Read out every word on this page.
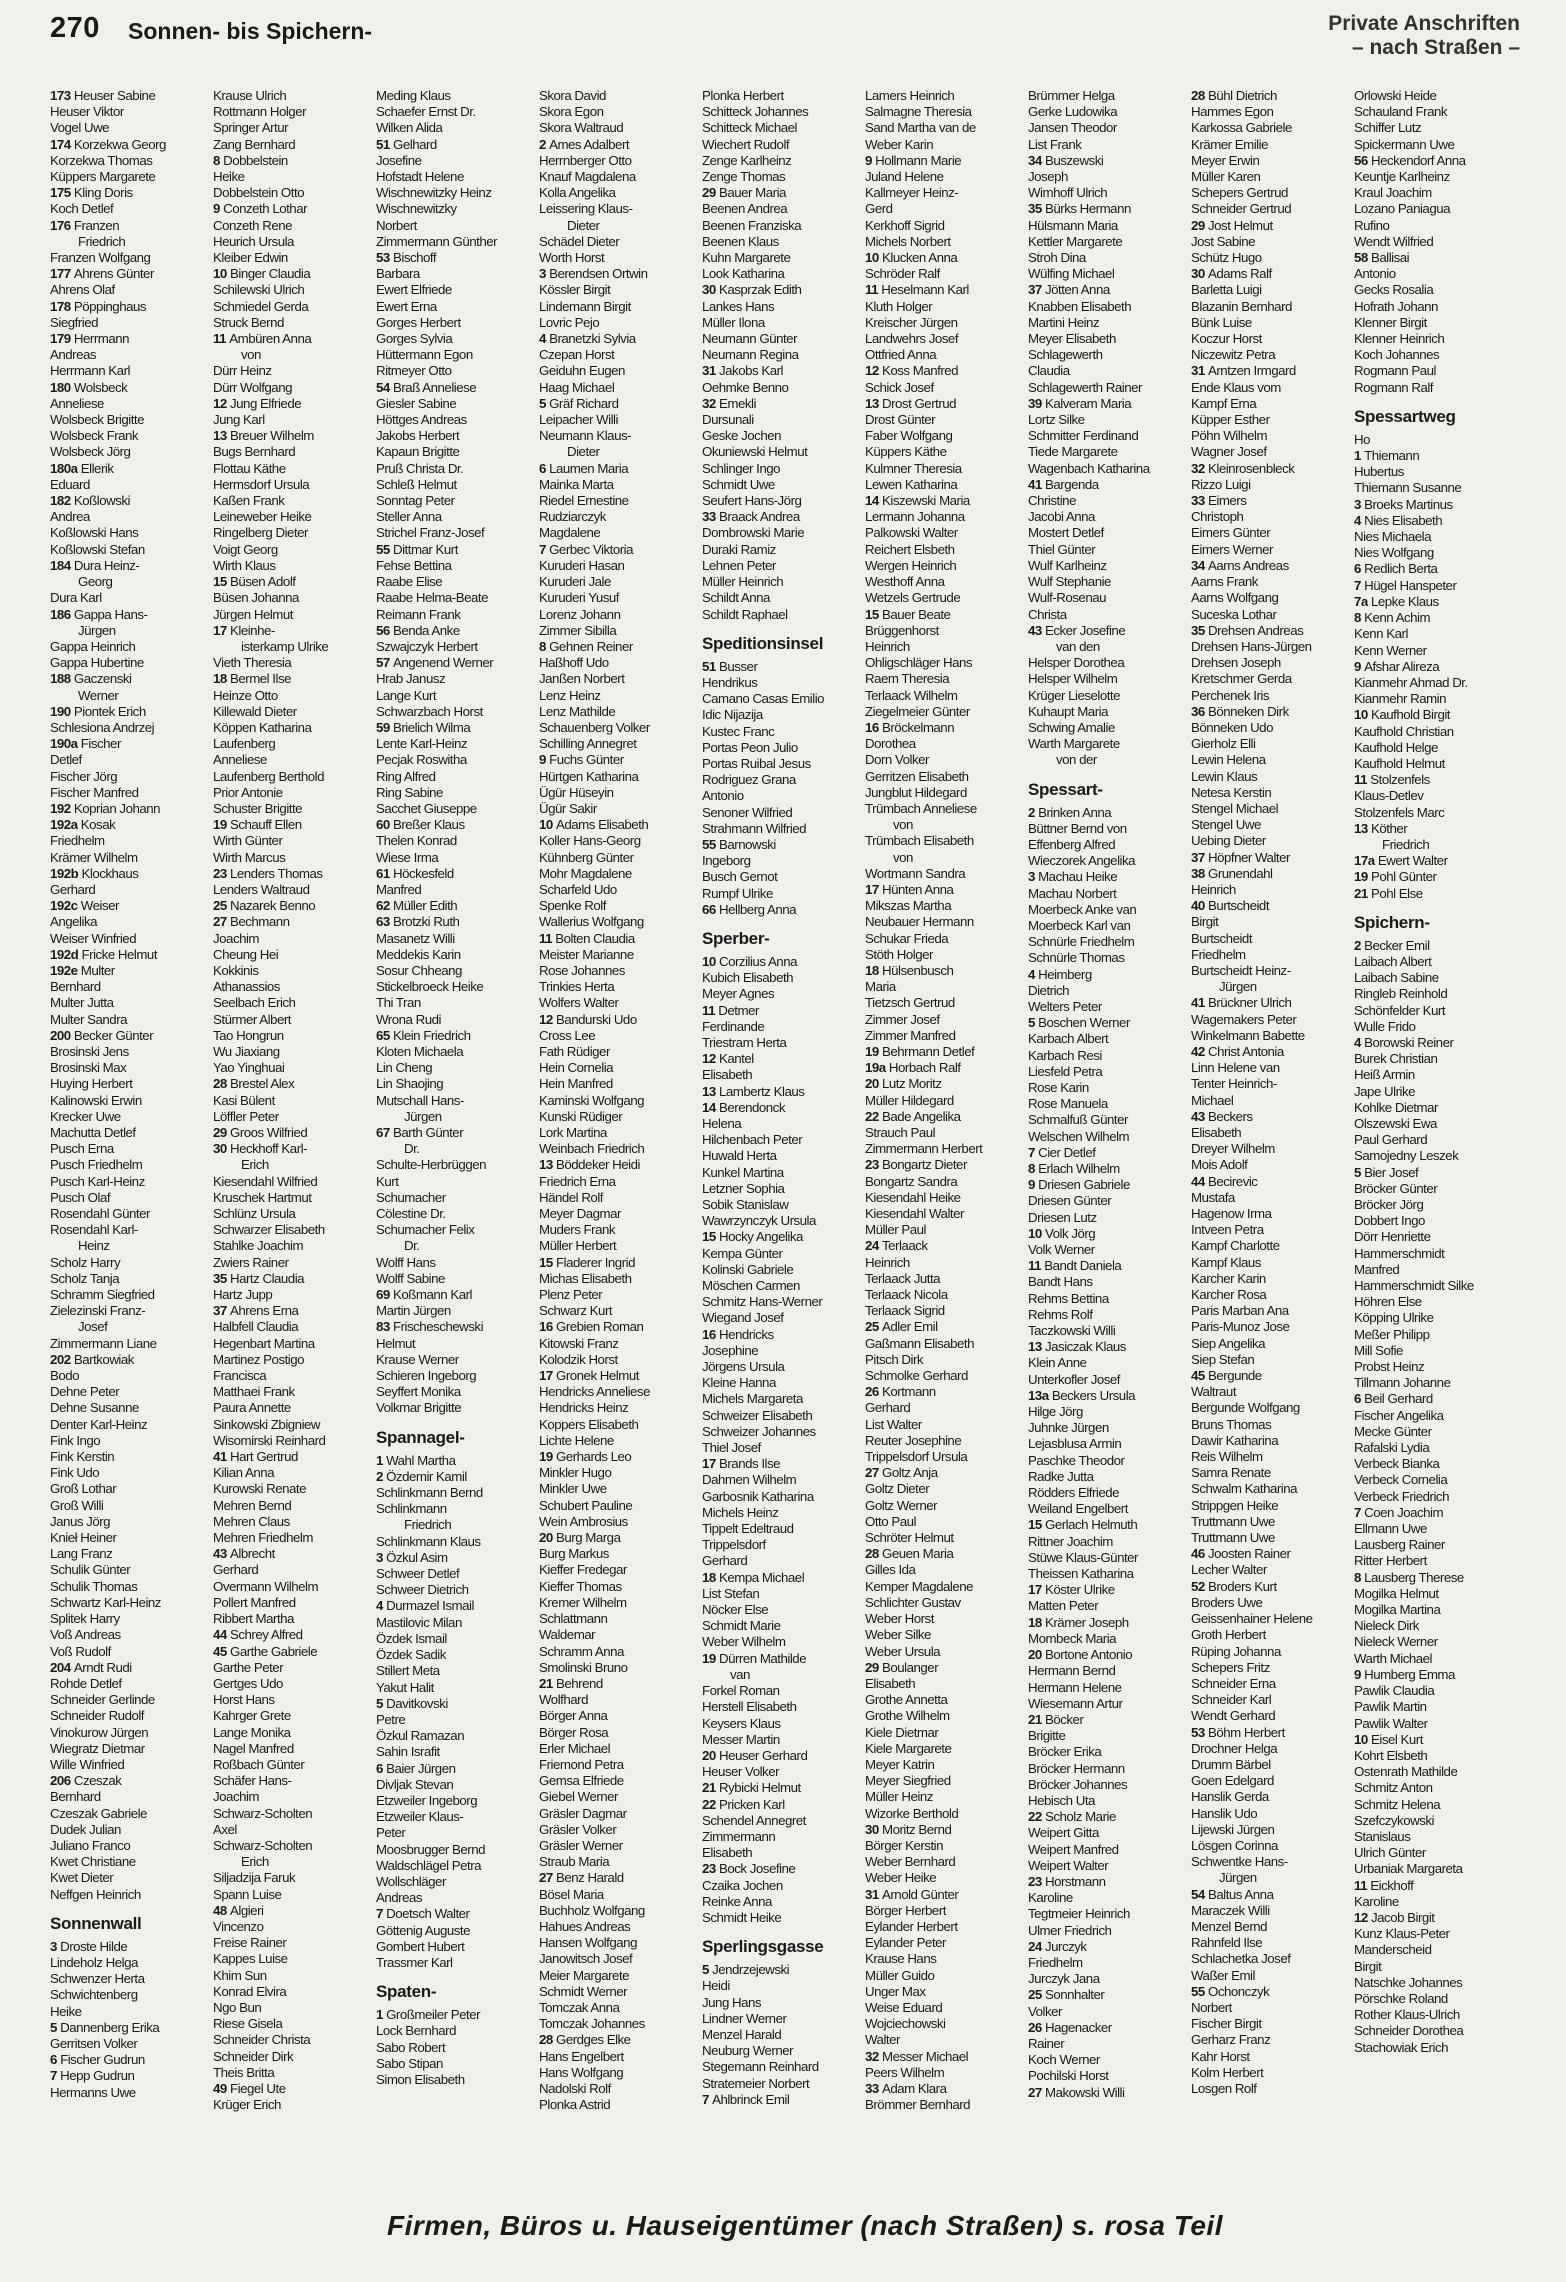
270 Sonnen- bis Spichern-	Private Anschriften
– nach Straßen –
173 Heuser Sabine
Heuser Viktor
Vogel Uwe
174 Korzekwa Georg
Korzekwa Thomas
Küppers Margarete
175 Kling Doris
Koch Detlef
176 Franzen
Friedrich
Franzen Wolfgang
177 Ahrens Günter
Ahrens Olaf
178 Pöppinghaus
Siegfried
179 Herrmann
Andreas
Herrmann Karl
180 Wolsbeck
Anneliese
Wolsbeck Brigitte
Wolsbeck Frank
Wolsbeck Jörg
180a Ellerik
Eduard
182 Koßlowski
Andrea
Koßlowski Hans
Koßlowski Stefan
184 Dura Heinz-
Georg
Dura Karl
186 Gappa Hans-
Jürgen
Gappa Heinrich
Gappa Hubertine
188 Gaczenski
Werner
190 Piontek Erich
Schlesiona Andrzej
190a Fischer
Detlef
Fischer Jörg
Fischer Manfred
192 Koprian Johann
192a Kosak
Friedhelm
Krämer Wilhelm
192b Klockhaus
Gerhard
192c Weiser
Angelika
Weiser Winfried
192d Fricke Helmut
192e Multer
Bernhard
Multer Jutta
Multer Sandra
200 Becker Günter
Brosinski Jens
Brosinski Max
Huying Herbert
Kalinowski Erwin
Krecker Uwe
Machutta Detlef
Pusch Erna
Pusch Friedhelm
Pusch Karl-Heinz
Pusch Olaf
Rosendahl Günter
Rosendahl Karl-
Heinz
Scholz Harry
Scholz Tanja
Schramm Siegfried
Zielezinski Franz-
Josef
Zimmermann Liane
202 Bartkowiak
Bodo
Dehne Peter
Dehne Susanne
Denter Karl-Heinz
Fink Ingo
Fink Kerstin
Fink Udo
Groß Lothar
Groß Willi
Janus Jörg
Knieł Heiner
Lang Franz
Schulik Günter
Schulik Thomas
Schwartz Karl-Heinz
Splitek Harry
Voß Andreas
Voß Rudolf
204 Arndt Rudi
Rohde Detlef
Schneider Gerlinde
Schneider Rudolf
Vinokurow Jürgen
Wiegratz Dietmar
Wille Winfried
206 Czeszak
Bernhard
Czeszak Gabriele
Dudek Julian
Juliano Franco
Kwet Christiane
Kwet Dieter
Neffgen Heinrich
Sonnenwall
3 Droste Hilde
Lindeholz Helga
Schwenzer Herta
Schwichtenberg
Heike
5 Dannenberg Erika
Gerritsen Volker
6 Fischer Gudrun
7 Hepp Gudrun
Hermanns Uwe
Krause Ulrich
Rottmann Holger
Springer Artur
Zang Bernhard
8 Dobbelstein
Heike
Dobbelstein Otto
9 Conzeth Lothar
Conzeth Rene
Heurich Ursula
Kleiber Edwin
10 Binger Claudia
Schilewski Ulrich
Schmiedel Gerda
Struck Bernd
11 Ambüren Anna
von
Dürr Heinz
Dürr Wolfgang
12 Jung Elfriede
Jung Karl
13 Breuer Wilhelm
Bugs Bernhard
Flottau Käthe
Hermsdorf Ursula
Kaßen Frank
Leineweber Heike
Ringelberg Dieter
Voigt Georg
Wirth Klaus
15 Büsen Adolf
Büsen Johanna
Jürgen Helmut
17 Kleinhe-
isterkamp Ulrike
Vieth Theresia
18 Bermel Ilse
Heinze Otto
Killewald Dieter
Köppen Katharina
Laufenberg
Anneliese
Laufenberg Berthold
Prior Antonie
Schuster Brigitte
19 Schauff Ellen
Wirth Günter
Wirth Marcus
23 Lenders Thomas
Lenders Waltraud
25 Nazarek Benno
27 Bechmann
Joachim
Cheung Hei
Kokkinis
Athanassios
Seelbach Erich
Stürmer Albert
Tao Hongrun
Wu Jiaxiang
Yao Yinghuai
28 Brestel Alex
Kasi Bülent
Löffler Peter
29 Groos Wilfried
30 Heckhoff Karl-
Erich
Kiesendahl Wilfried
Kruschek Hartmut
Schlünz Ursula
Schwarzer Elisabeth
Stahlke Joachim
Zwiers Rainer
35 Hartz Claudia
Hartz Jupp
37 Ahrens Erna
Halbfell Claudia
Hegenbart Martina
Martinez Postigo
Francisca
Matthaei Frank
Paura Annette
Sinkowski Zbigniew
Wisomirski Reinhard
41 Hart Gertrud
Kilian Anna
Kurowski Renate
Mehren Bernd
Mehren Claus
Mehren Friedhelm
43 Albrecht
Gerhard
Overmann Wilhelm
Pollert Manfred
Ribbert Martha
44 Schrey Alfred
45 Garthe Gabriele
Garthe Peter
Gertges Udo
Horst Hans
Kahrger Grete
Lange Monika
Nagel Manfred
Roßbach Günter
Schäfer Hans-
Joachim
Schwarz-Scholten
Axel
Schwarz-Scholten
Erich
Siljadzija Faruk
Spann Luise
48 Algieri
Vincenzo
Freise Rainer
Kappes Luise
Khim Sun
Konrad Elvira
Ngo Bun
Riese Gisela
Schneider Christa
Schneider Dirk
Theis Britta
49 Fiegel Ute
Krüger Erich
Meding Klaus
Schaefer Ernst Dr.
Wilken Alida
51 Gelhard
Josefine
Hofstadt Helene
Wischnewitzky Heinz
Wischnewitzky
Norbert
Zimmermann Günther
53 Bischoff
Barbara
Ewert Elfriede
Ewert Erna
Gorges Herbert
Gorges Sylvia
Hüttermann Egon
Ritmeyer Otto
54 Braß Anneliese
Giesler Sabine
Höttges Andreas
Jakobs Herbert
Kapaun Brigitte
Pruß Christa Dr.
Schleß Helmut
Sonntag Peter
Steller Anna
Strichel Franz-Josef
55 Dittmar Kurt
Fehse Bettina
Raabe Elise
Raabe Helma-Beate
Reimann Frank
56 Benda Anke
Szwajczyk Herbert
57 Angenend Werner
Hrab Janusz
Lange Kurt
Schwarzbach Horst
59 Brielich Wilma
Lente Karl-Heinz
Pecjak Roswitha
Ring Alfred
Ring Sabine
Sacchet Giuseppe
60 Breßer Klaus
Thelen Konrad
Wiese Irma
61 Höckesfeld
Manfred
62 Müller Edith
63 Brotzki Ruth
Masanetz Willi
Meddekis Karin
Sosur Chheang
Stickelbroeck Heike
Thi Tran
Wrona Rudi
65 Klein Friedrich
Kloten Michaela
Lin Cheng
Lin Shaojing
Mutschall Hans-
Jürgen
67 Barth Günter
Dr.
Schulte-Herbrüggen
Kurt
Schumacher
Cölestine Dr.
Schumacher Felix
Dr.
Wolff Hans
Wolff Sabine
69 Koßmann Karl
Martin Jürgen
83 Frischeschewski
Helmut
Krause Werner
Schieren Ingeborg
Seyffert Monika
Volkmar Brigitte
Spannagel-
1 Wahl Martha
2 Özdemir Kamil
Schlinkmann Bernd
Schlinkmann
Friedrich
Schlinkmann Klaus
3 Özkul Asim
Schweer Detlef
Schweer Dietrich
4 Durmazel Ismail
Mastilovic Milan
Özdek Ismail
Özdek Sadik
Stillert Meta
Yakut Halit
5 Davitkovski
Petre
Özkul Ramazan
Sahin Israfit
6 Baier Jürgen
Divljak Stevan
Etzweiler Ingeborg
Etzweiler Klaus-
Peter
Moosbrugger Bernd
Waldschlägel Petra
Wollschläger
Andreas
7 Doetsch Walter
Göttenig Auguste
Gombert Hubert
Trassmer Karl
Spaten-
1 Großmeiler Peter
Lock Bernhard
Sabo Robert
Sabo Stipan
Simon Elisabeth
Skora David
Skora Egon
Skora Waltraud
2 Ames Adalbert
Herrnberger Otto
Knauf Magdalena
Kolla Angelika
Leissering Klaus-
Dieter
Schädel Dieter
Worth Horst
3 Berendsen Ortwin
Kössler Birgit
Lindemann Birgit
Lovric Pejo
4 Branetzki Sylvia
Czepan Horst
Geiduhn Eugen
Haag Michael
5 Gräf Richard
Leipacher Willi
Neumann Klaus-
Dieter
6 Laumen Maria
Mainka Marta
Riedel Ernestine
Rudziarczyk
Magdalene
7 Gerbec Viktoria
Kuruderi Hasan
Kuruderi Jale
Kuruderi Yusuf
Lorenz Johann
Zimmer Sibilla
8 Gehnen Reiner
Haßhoff Udo
Janßen Norbert
Lenz Heinz
Lenz Mathilde
Schauenberg Volker
Schilling Annegret
9 Fuchs Günter
Hürtgen Katharina
Ügür Hüseyin
Ügür Sakir
10 Adams Elisabeth
Koller Hans-Georg
Kühnberg Günter
Mohr Magdalene
Scharfeld Udo
Spenke Rolf
Wallerius Wolfgang
11 Bolten Claudia
Meister Marianne
Rose Johannes
Trinkies Herta
Wolfers Walter
12 Bandurski Udo
Cross Lee
Fath Rüdiger
Hein Cornelia
Hein Manfred
Kaminski Wolfgang
Kunski Rüdiger
Lork Martina
Weinbach Friedrich
13 Böddeker Heidi
Friedrich Erna
Händel Rolf
Meyer Dagmar
Muders Frank
Müller Herbert
15 Fladerer Ingrid
Michas Elisabeth
Plenz Peter
Schwarz Kurt
16 Grebien Roman
Kitowski Franz
Kolodzik Horst
17 Gronek Helmut
Hendricks Anneliese
Hendricks Heinz
Koppers Elisabeth
Lichte Helene
19 Gerhards Leo
Minkler Hugo
Minkler Uwe
Schubert Pauline
Wein Ambrosius
20 Burg Marga
Burg Markus
Kieffer Fredegar
Kieffer Thomas
Kremer Wilhelm
Schlattmann
Waldemar
Schramm Anna
Smolinski Bruno
21 Behrend
Wolfhard
Börger Anna
Börger Rosa
Erler Michael
Friemond Petra
Gemsa Elfriede
Giebel Werner
Gräsler Dagmar
Gräsler Volker
Gräsler Werner
Straub Maria
27 Benz Harald
Bösel Maria
Buchholz Wolfgang
Hahues Andreas
Hansen Wolfgang
Janowitsch Josef
Meier Margarete
Schmidt Werner
Tomczak Anna
Tomczak Johannes
28 Gerdges Elke
Hans Engelbert
Hans Wolfgang
Nadolski Rolf
Plonka Astrid
Plonka Herbert
Schitteck Johannes
Schitteck Michael
Wiechert Rudolf
Zenge Karlheinz
Zenge Thomas
29 Bauer Maria
Beenen Andrea
Beenen Franziska
Beenen Klaus
Kuhn Margarete
Look Katharina
30 Kasprzak Edith
Lankes Hans
Müller Ilona
Neumann Günter
Neumann Regina
31 Jakobs Karl
Oehmke Benno
32 Emekli
Dursunali
Geske Jochen
Okuniewski Helmut
Schlinger Ingo
Schmidt Uwe
Seufert Hans-Jörg
33 Braack Andrea
Dombrowski Marie
Duraki Ramiz
Lehnen Peter
Müller Heinrich
Schildt Anna
Schildt Raphael
Speditionsinsel
51 Busser
Hendrikus
Camano Casas Emilio
Idic Nijazija
Kustec Franc
Portas Peon Julio
Portas Ruibal Jesus
Rodriguez Grana
Antonio
Senoner Wilfried
Strahmann Wilfried
55 Barnowski
Ingeborg
Busch Gernot
Rumpf Ulrike
66 Hellberg Anna
Sperber-
10 Corzilius Anna
Kubich Elisabeth
Meyer Agnes
11 Detmer
Ferdinande
Triestram Herta
12 Kantel
Elisabeth
13 Lambertz Klaus
14 Berendonck
Helena
Hilchenbach Peter
Huwald Herta
Kunkel Martina
Letzner Sophia
Sobik Stanislaw
Wawrzynczyk Ursula
15 Hocky Angelika
Kempa Günter
Kolinski Gabriele
Möschen Carmen
Schmitz Hans-Werner
Wiegand Josef
16 Hendricks
Josephine
Jörgens Ursula
Kleine Hanna
Michels Margareta
Schweizer Elisabeth
Schweizer Johannes
Thiel Josef
17 Brands Ilse
Dahmen Wilhelm
Garbosnik Katharina
Michels Heinz
Tippelt Edeltraud
Trippelsdorf
Gerhard
18 Kempa Michael
List Stefan
Nöcker Else
Schmidt Marie
Weber Wilhelm
19 Dürren Mathilde
van
Forkel Roman
Herstell Elisabeth
Keysers Klaus
Messer Martin
20 Heuser Gerhard
Heuser Volker
21 Rybicki Helmut
22 Pricken Karl
Schendel Annegret
Zimmermann
Elisabeth
23 Bock Josefine
Czaika Jochen
Reinke Anna
Schmidt Heike
Sperlingsgasse
5 Jendrzejewski
Heidi
Jung Hans
Lindner Werner
Menzel Harald
Neuburg Werner
Stegemann Reinhard
Stratemeier Norbert
7 Ahlbrinck Emil
Lamers Heinrich
Salmagne Theresia
Sand Martha van de
Weber Karin
9 Hollmann Marie
Juland Helene
Kallmeyer Heinz-
Gerd
Kerkhoff Sigrid
Michels Norbert
10 Klucken Anna
Schröder Ralf
11 Heselmann Karl
Kluth Holger
Kreischer Jürgen
Landwehrs Josef
Ottfried Anna
12 Koss Manfred
Schick Josef
13 Drost Gertrud
Drost Günter
Faber Wolfgang
Küppers Käthe
Kulmner Theresia
Lewen Katharina
14 Kiszewski Maria
Lermann Johanna
Palkowski Walter
Reichert Elsbeth
Wergen Heinrich
Westhoff Anna
Wetzels Gertrude
15 Bauer Beate
Brüggenhorst
Heinrich
Ohligschläger Hans
Raem Theresia
Terlaack Wilhelm
Ziegelmeier Günter
16 Bröckelmann
Dorothea
Dorn Volker
Gerritzen Elisabeth
Jungblut Hildegard
Trümbach Anneliese
von
Trümbach Elisabeth
von
Wortmann Sandra
17 Hünten Anna
Mikszas Martha
Neubauer Hermann
Schukar Frieda
Stöth Holger
18 Hülsenbusch
Maria
Tietzsch Gertrud
Zimmer Josef
Zimmer Manfred
19 Behrmann Detlef
19a Horbach Ralf
20 Lutz Moritz
Müller Hildegard
22 Bade Angelika
Strauch Paul
Zimmermann Herbert
23 Bongartz Dieter
Bongartz Sandra
Kiesendahl Heike
Kiesendahl Walter
Müller Paul
24 Terlaack
Heinrich
Terlaack Jutta
Terlaack Nicola
Terlaack Sigrid
25 Adler Emil
Gaßmann Elisabeth
Pitsch Dirk
Schmolke Gerhard
26 Kortmann
Gerhard
List Walter
Reuter Josephine
Trippelsdorf Ursula
27 Goltz Anja
Goltz Dieter
Goltz Werner
Otto Paul
Schröter Helmut
28 Geuen Maria
Gilles Ida
Kemper Magdalene
Schlichter Gustav
Weber Horst
Weber Silke
Weber Ursula
29 Boulanger
Elisabeth
Grothe Annetta
Grothe Wilhelm
Kiele Dietmar
Kiele Margarete
Meyer Katrin
Meyer Siegfried
Müller Heinz
Wizorke Berthold
30 Moritz Bernd
Börger Kerstin
Weber Bernhard
Weber Heike
31 Arnold Günter
Börger Herbert
Eylander Herbert
Eylander Peter
Krause Hans
Müller Guido
Unger Max
Weise Eduard
Wojciechowski
Walter
32 Messer Michael
Peers Wilhelm
33 Adam Klara
Brömmer Bernhard
Brümmer Helga
Gerke Ludowika
Jansen Theodor
List Frank
34 Buszewski
Joseph
Wimhoff Ulrich
35 Bürks Hermann
Hülsmann Maria
Kettler Margarete
Stroh Dina
Wülfing Michael
37 Jötten Anna
Knabben Elisabeth
Martini Heinz
Meyer Elisabeth
Schlagewerth
Claudia
Schlagewerth Rainer
39 Kalveram Maria
Lortz Silke
Schmitter Ferdinand
Tiede Margarete
Wagenbach Katharina
41 Bargenda
Christine
Jacobi Anna
Mostert Detlef
Thiel Günter
Wulf Karlheinz
Wulf Stephanie
Wulf-Rosenau
Christa
43 Ecker Josefine
van den
Helsper Dorothea
Helsper Wilhelm
Krüger Lieselotte
Kuhaupt Maria
Schwing Amalie
Warth Margarete
von der
Spessart-
2 Brinken Anna
Büttner Bernd von
Effenberg Alfred
Wieczorek Angelika
3 Machau Heike
Machau Norbert
Moerbeck Anke van
Moerbeck Karl van
Schnürle Friedhelm
Schnürle Thomas
4 Heimberg
Dietrich
Welters Peter
5 Boschen Werner
Karbach Albert
Karbach Resi
Liesfeld Petra
Rose Karin
Rose Manuela
Schmalfuß Günter
Welschen Wilhelm
7 Cier Detlef
8 Erlach Wilhelm
9 Driesen Gabriele
Driesen Günter
Driesen Lutz
10 Volk Jörg
Volk Werner
11 Bandt Daniela
Bandt Hans
Rehms Bettina
Rehms Rolf
Taczkowski Willi
13 Jasiczak Klaus
Klein Anne
Unterkofler Josef
13a Beckers Ursula
Hilge Jörg
Juhnke Jürgen
Lejasblusa Armin
Paschke Theodor
Radke Jutta
Rödders Elfriede
Weiland Engelbert
15 Gerlach Helmuth
Rittner Joachim
Stüwe Klaus-Günter
Theissen Katharina
17 Köster Ulrike
Matten Peter
18 Krämer Joseph
Mombeck Maria
20 Bortone Antonio
Hermann Bernd
Hermann Helene
Wiesemann Artur
21 Böcker
Brigitte
Bröcker Erika
Bröcker Hermann
Bröcker Johannes
Hebisch Uta
22 Scholz Marie
Weipert Gitta
Weipert Manfred
Weipert Walter
23 Horstmann
Karoline
Tegtmeier Heinrich
Ulmer Friedrich
24 Jurczyk
Friedhelm
Jurczyk Jana
25 Sonnhalter
Volker
26 Hagenacker
Rainer
Koch Werner
Pochilski Horst
27 Makowski Willi
28 Bühl Dietrich
Hammes Egon
Karkossa Gabriele
Krämer Emilie
Meyer Erwin
Müller Karen
Schepers Gertrud
Schneider Gertrud
29 Jost Helmut
Jost Sabine
Schütz Hugo
30 Adams Ralf
Barletta Luigi
Blazanin Bernhard
Bünk Luise
Koczur Horst
Niczewitz Petra
31 Arntzen Irmgard
Ende Klaus vom
Kampf Erna
Küpper Esther
Pöhn Wilhelm
Wagner Josef
32 Kleinrosenbleck
Rizzo Luigi
33 Eimers
Christoph
Eimers Günter
Eimers Werner
34 Aarns Andreas
Aarns Frank
Aarns Wolfgang
Suceska Lothar
35 Drehsen Andreas
Drehsen Hans-Jürgen
Drehsen Joseph
Kretschmer Gerda
Perchenek Iris
36 Bönneken Dirk
Bönneken Udo
Gierholz Elli
Lewin Helena
Lewin Klaus
Netesa Kerstin
Stengel Michael
Stengel Uwe
Uebing Dieter
37 Höpfner Walter
38 Grunendahl
Heinrich
40 Burtscheidt
Birgit
Burtscheidt
Friedhelm
Burtscheidt Heinz-
Jürgen
41 Brückner Ulrich
Wagemakers Peter
Winkelmann Babette
42 Christ Antonia
Linn Helene van
Tenter Heinrich-
Michael
43 Beckers
Elisabeth
Dreyer Wilhelm
Mois Adolf
44 Becirevic
Mustafa
Hagenow Irma
Intveen Petra
Kampf Charlotte
Kampf Klaus
Karcher Karin
Karcher Rosa
Paris Marban Ana
Paris-Munoz Jose
Siep Angelika
Siep Stefan
45 Bergunde
Waltraut
Bergunde Wolfgang
Bruns Thomas
Dawir Katharina
Reis Wilhelm
Samra Renate
Schwalm Katharina
Strippgen Heike
Truttmann Uwe
Truttmann Uwe
46 Joosten Rainer
Lecher Walter
52 Broders Kurt
Broders Uwe
Geissenhainer Helene
Groth Herbert
Rüping Johanna
Schepers Fritz
Schneider Erna
Schneider Karl
Wendt Gerhard
53 Böhm Herbert
Drochner Helga
Drumm Bärbel
Goen Edelgard
Hanslik Gerda
Hanslik Udo
Lijewski Jürgen
Lösgen Corinna
Schwentke Hans-
Jürgen
54 Baltus Anna
Maraczek Willi
Menzel Bernd
Rahnfeld Ilse
Schlachetka Josef
Waßer Emil
55 Ochonczyk
Norbert
Fischer Birgit
Gerharz Franz
Kahr Horst
Kolm Herbert
Losgen Rolf
Orlowski Heide
Schauland Frank
Schiffer Lutz
Spickermann Uwe
56 Heckendorf Anna
Keuntje Karlheinz
Kraul Joachim
Lozano Paniagua
Rufino
Wendt Wilfried
58 Ballisai
Antonio
Gecks Rosalia
Hofrath Johann
Klenner Birgit
Klenner Heinrich
Koch Johannes
Rogmann Paul
Rogmann Ralf
Spessartweg
Ho
1 Thiemann
Hubertus
Thiemann Susanne
3 Broeks Martinus
4 Nies Elisabeth
Nies Michaela
Nies Wolfgang
6 Redlich Berta
7 Hügel Hanspeter
7a Lepke Klaus
8 Kenn Achim
Kenn Karl
Kenn Werner
9 Afshar Alireza
Kianmehr Ahmad Dr.
Kianmehr Ramin
10 Kaufhold Birgit
Kaufhold Christian
Kaufhold Helge
Kaufhold Helmut
11 Stolzenfels
Klaus-Detlev
Stolzenfels Marc
13 Köther
Friedrich
17a Ewert Walter
19 Pohl Günter
21 Pohl Else
Spichern-
2 Becker Emil
Laibach Albert
Laibach Sabine
Ringleb Reinhold
Schönfelder Kurt
Wulle Frido
4 Borowski Reiner
Burek Christian
Heiß Armin
Jape Ulrike
Kohlke Dietmar
Olszewski Ewa
Paul Gerhard
Samojedny Leszek
5 Bier Josef
Bröcker Günter
Bröcker Jörg
Dobbert Ingo
Dörr Henriette
Hammerschmidt
Manfred
Hammerschmidt Silke
Höhren Else
Köpping Ulrike
Meßer Philipp
Mill Sofie
Probst Heinz
Tillmann Johanne
6 Beil Gerhard
Fischer Angelika
Mecke Günter
Rafalski Lydia
Verbeck Bianka
Verbeck Cornelia
Verbeck Friedrich
7 Coen Joachim
Ellmann Uwe
Lausberg Rainer
Ritter Herbert
8 Lausberg Therese
Mogilka Helmut
Mogilka Martina
Nieleck Dirk
Nieleck Werner
Warth Michael
9 Humberg Emma
Pawlik Claudia
Pawlik Martin
Pawlik Walter
10 Eisel Kurt
Kohrt Elsbeth
Ostenrath Mathilde
Schmitz Anton
Schmitz Helena
Szefczykowski
Stanislaus
Ulrich Günter
Urbaniak Margareta
11 Eickhoff
Karoline
12 Jacob Birgit
Kunz Klaus-Peter
Manderscheid
Birgit
Natschke Johannes
Pörschke Roland
Rother Klaus-Ulrich
Schneider Dorothea
Stachowiak Erich
Firmen, Büros u. Hauseigentümer (nach Straßen) s. rosa Teil
